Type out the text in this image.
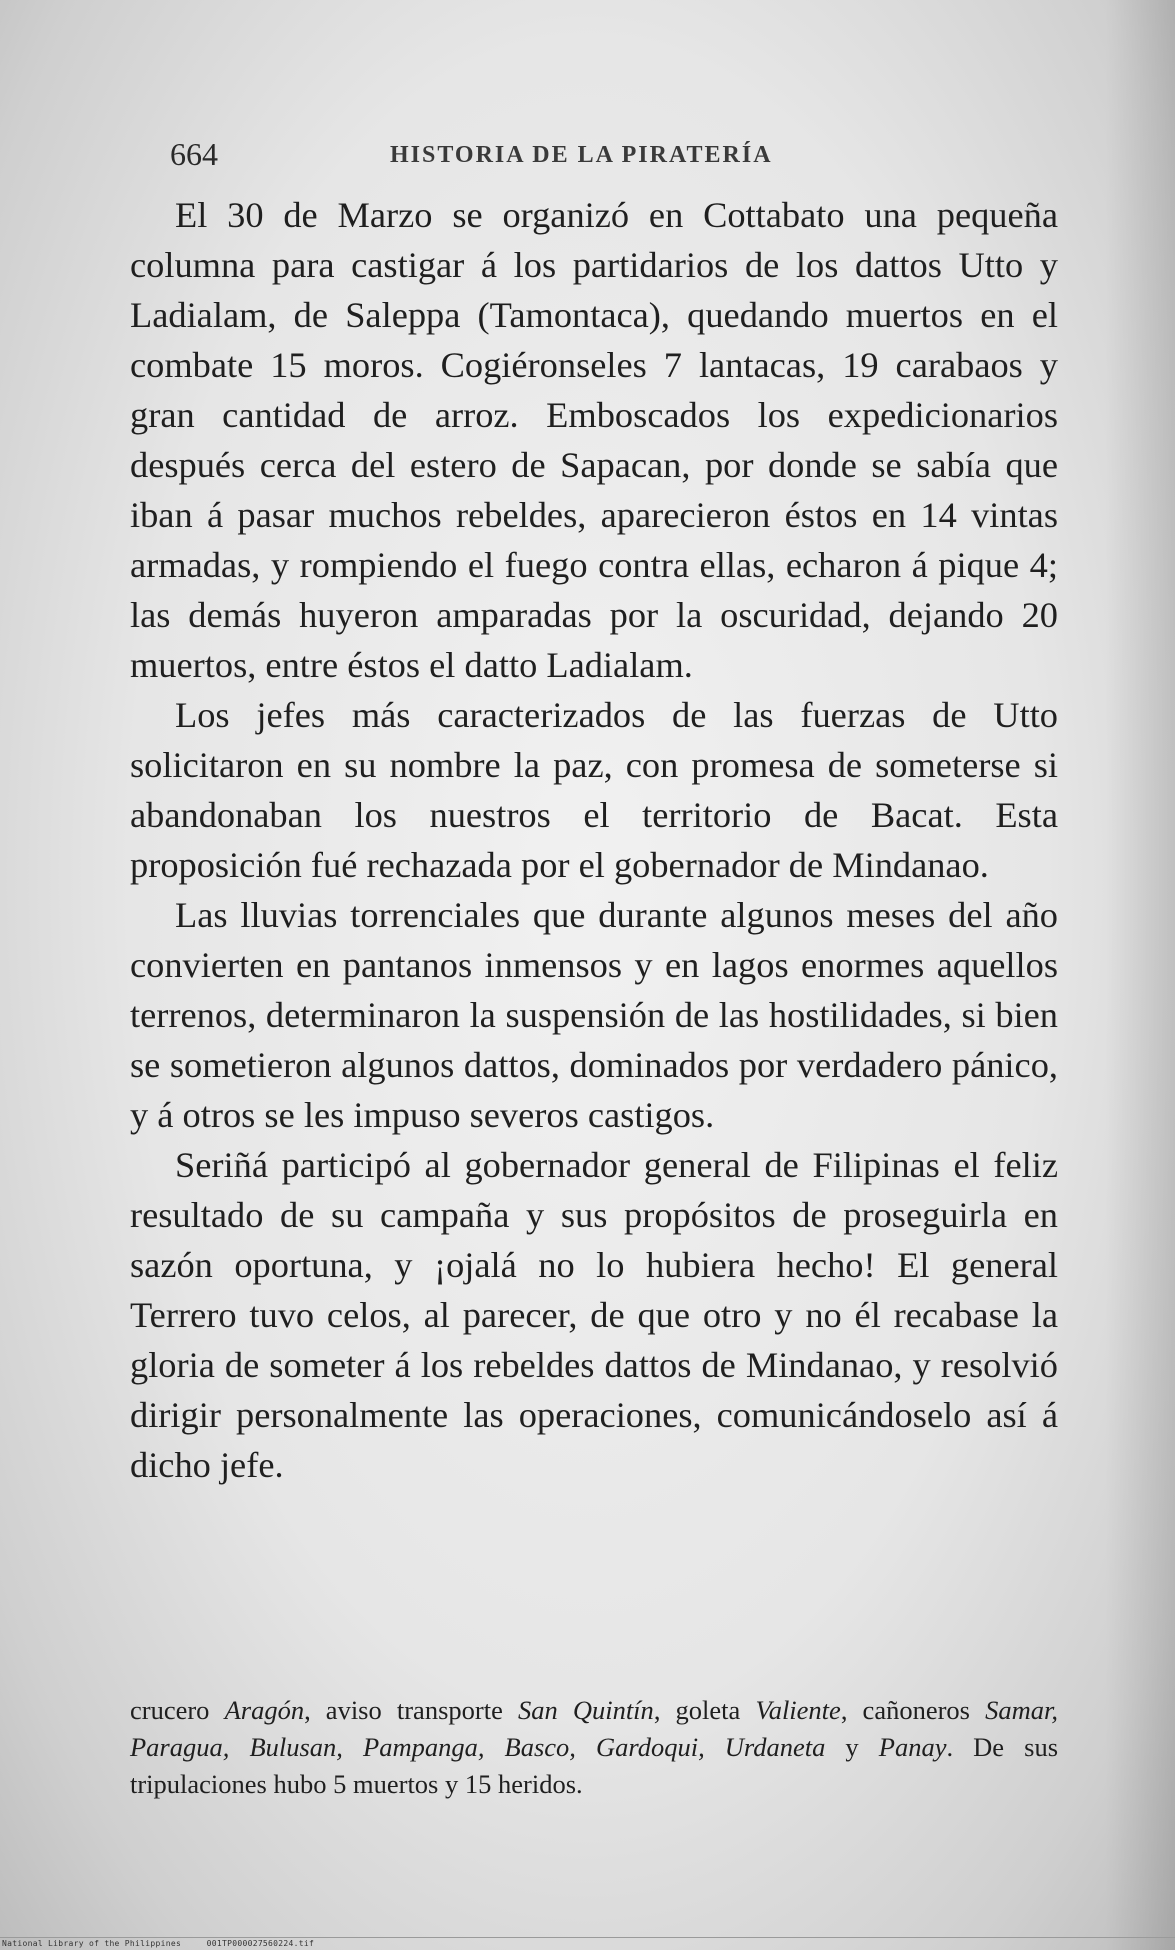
664	HISTORIA DE LA PIRATERÍA

El 30 de Marzo se organizó en Cottabato una pequeña columna para castigar á los partidarios de los dattos Utto y Ladialam, de Saleppa (Tamontaca), quedando muertos en el combate 15 moros. Cogiéronseles 7 lantacas, 19 carabaos y gran cantidad de arroz. Emboscados los expedicionarios después cerca del estero de Sapacan, por donde se sabía que iban á pasar muchos rebeldes, aparecieron éstos en 14 vintas armadas, y rompiendo el fuego contra ellas, echaron á pique 4; las demás huyeron amparadas por la oscuridad, dejando 20 muertos, entre éstos el datto Ladialam.

Los jefes más caracterizados de las fuerzas de Utto solicitaron en su nombre la paz, con promesa de someterse si abandonaban los nuestros el territorio de Bacat. Esta proposición fué rechazada por el gobernador de Mindanao.

Las lluvias torrenciales que durante algunos meses del año convierten en pantanos inmensos y en lagos enormes aquellos terrenos, determinaron la suspensión de las hostilidades, si bien se sometieron algunos dattos, dominados por verdadero pánico, y á otros se les impuso severos castigos.

Seriñá participó al gobernador general de Filipinas el feliz resultado de su campaña y sus propósitos de proseguirla en sazón oportuna, y ¡ojalá no lo hubiera hecho! El general Terrero tuvo celos, al parecer, de que otro y no él recabase la gloria de someter á los rebeldes dattos de Mindanao, y resolvió dirigir personalmente las operaciones, comunicándoselo así á dicho jefe.

crucero Aragón, aviso transporte San Quintín, goleta Valiente, cañoneros Samar, Paragua, Bulusan, Pampanga, Basco, Gardoqui, Urdaneta y Panay. De sus tripulaciones hubo 5 muertos y 15 heridos.

National Library of the Philippines     001TP000027560224.tif
